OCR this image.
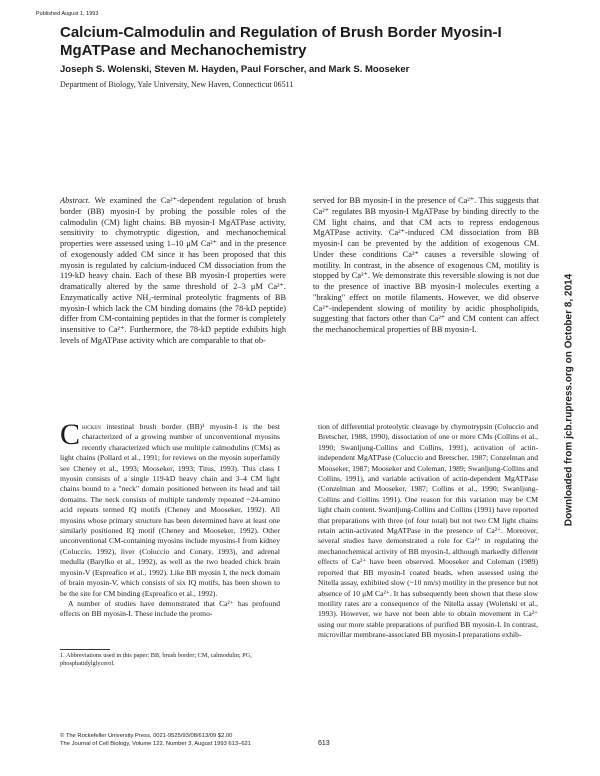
Published August 1, 1993
Calcium-Calmodulin and Regulation of Brush Border Myosin-I MgATPase and Mechanochemistry
Joseph S. Wolenski, Steven M. Hayden, Paul Forscher, and Mark S. Mooseker
Department of Biology, Yale University, New Haven, Connecticut 06511

Abstract. We examined the Ca²⁺-dependent regulation of brush border (BB) myosin-I by probing the possible roles of the calmodulin (CM) light chains. BB myosin-I MgATPase activity, sensitivity to chymotryptic digestion, and mechanochemical properties were assessed using 1–10 μM Ca²⁺ and in the presence of exogenously added CM since it has been proposed that this myosin is regulated by calcium-induced CM dissociation from the 119-kD heavy chain. Each of these BB myosin-I properties were dramatically altered by the same threshold of 2–3 μM Ca²⁺. Enzymatically active NH₂-terminal proteolytic fragments of BB myosin-I which lack the CM binding domains (the 78-kD peptide) differ from CM-containing peptides in that the former is completely insensitive to Ca²⁺. Furthermore, the 78-kD peptide exhibits high levels of MgATPase activity which are comparable to that ob-

served for BB myosin-I in the presence of Ca²⁺. This suggests that Ca²⁺ regulates BB myosin-I MgATPase by binding directly to the CM light chains, and that CM acts to repress endogenous MgATPase activity. Ca²⁺-induced CM dissociation from BB myosin-I can be prevented by the addition of exogenous CM. Under these conditions Ca²⁺ causes a reversible slowing of motility. In contrast, in the absence of exogenous CM, motility is stopped by Ca²⁺. We demonstrate this reversible slowing is not due to the presence of inactive BB myosin-I molecules exerting a "braking" effect on motile filaments. However, we did observe Ca²⁺-independent slowing of motility by acidic phospholipids, suggesting that factors other than Ca²⁺ and CM content can affect the mechanochemical properties of BB myosin-I.

Chicken intestinal brush border (BB)¹ myosin-I is the best characterized of a growing number of unconventional myosins recently characterized which use multiple calmodulins (CMs) as light chains (Pollard et al., 1991; for reviews on the myosin superfamily see Cheney et al., 1993; Mooseker, 1993; Titus, 1993). This class I myosin consists of a single 119-kD heavy chain and 3–4 CM light chains bound to a "neck" domain positioned between its head and tail domains. The neck consists of multiple tandemly repeated ~24-amino acid repeats termed IQ motifs (Cheney and Mooseker, 1992). All myosins whose primary structure has been determined have at least one similarly positioned IQ motif (Cheney and Mooseker, 1992). Other unconventional CM-containing myosins include myosins-I from kidney (Coluccio, 1992), liver (Coluccio and Conaty, 1993), and adrenal medulla (Barylko et al., 1992), as well as the two headed chick brain myosin-V (Espreafico et al., 1992). Like BB myosin I, the neck domain of brain myosin-V, which consists of six IQ motifs, has been shown to be the site for CM binding (Espreafico et al., 1992).

A number of studies have demonstrated that Ca²⁺ has profound effects on BB myosin-I. These include the promo-

tion of differential proteolytic cleavage by chymotrypsin (Coluccio and Bretscher, 1988, 1990), dissociation of one or more CMs (Collins et al., 1990; Swanljung-Collins and Collins, 1991), activation of actin-independent MgATPase (Coluccio and Bretscher, 1987; Conzelman and Mooseker, 1987; Mooseker and Coleman, 1989; Swanljung-Collins and Collins, 1991), and variable activation of actin-dependent MgATPase (Conzelman and Mooseker, 1987; Collins et al., 1990; Swanljung-Collins and Collins 1991). One reason for this variation may be CM light chain content. Swanljung-Collins and Collins (1991) have reported that preparations with three (of four total) but not two CM light chains retain actin-activated MgATPase in the presence of Ca²⁺. Moreover, several studies have demonstrated a role for Ca²⁺ in regulating the mechanochemical activity of BB myosin-I, although markedly different effects of Ca²⁺ have been observed. Mooseker and Coleman (1989) reported that BB myosin-I coated beads, when assessed using the Nitella assay, exhibited slow (~10 nm/s) motility in the presence but not absence of 10 μM Ca²⁺. It has subsequently been shown that these slow motility rates are a consequence of the Nitella assay (Wolenski et al., 1993). However, we have not been able to obtain movement in Ca²⁺ using our more stable preparations of purified BB myosin-I. In contrast, microvillar membrane-associated BB myosin-I preparations exhib-

1. Abbreviations used in this paper: BB, brush border; CM, calmodulin; PG, phosphatidylglycerol.

© The Rockefeller University Press, 0021-9525/93/08/613/09 $2.00
The Journal of Cell Biology, Volume 122, Number 3, August 1993 613–621	613
Downloaded from jcb.rupress.org on October 8, 2014
